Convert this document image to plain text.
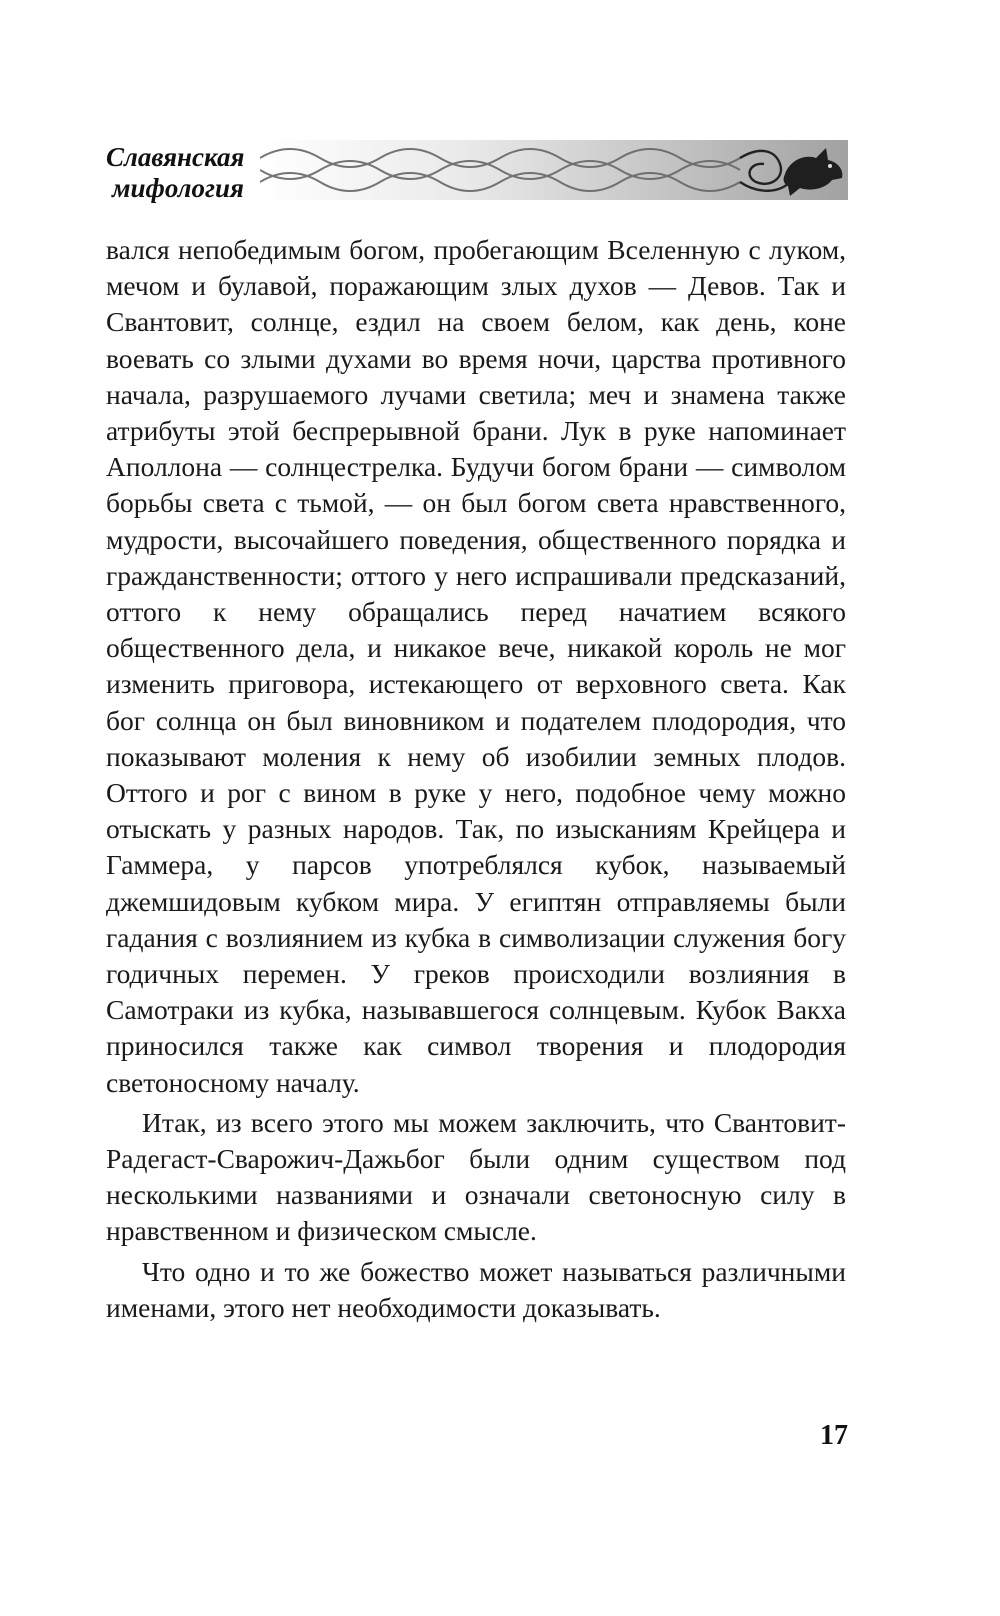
Славянская
мифология

вался непобедимым богом, пробегающим Вселенную с луком, мечом и булавой, поражающим злых духов — Девов. Так и Свантовит, солнце, ездил на своем белом, как день, коне воевать со злыми духами во время ночи, царства противного начала, разрушаемого лучами светила; меч и знамена также атрибуты этой беспрерывной брани. Лук в руке напоминает Аполлона — солнцестрелка. Будучи богом брани — символом борьбы света с тьмой, — он был богом света нравственного, мудрости, высочайшего поведения, общественного порядка и гражданственности; оттого у него испрашивали предсказаний, оттого к нему обращались перед начатием всякого общественного дела, и никакое вече, никакой король не мог изменить приговора, истекающего от верховного света. Как бог солнца он был виновником и подателем плодородия, что показывают моления к нему об изобилии земных плодов. Оттого и рог с вином в руке у него, подобное чему можно отыскать у разных народов. Так, по изысканиям Крейцера и Гаммера, у парсов употреблялся кубок, называемый джемшидовым кубком мира. У египтян отправляемы были гадания с возлиянием из кубка в символизации служения богу годичных перемен. У греков происходили возлияния в Самотраки из кубка, называвшегося солнцевым. Кубок Вакха приносился также как символ творения и плодородия светоносному началу.

Итак, из всего этого мы можем заключить, что Свантовит-Радегаст-Сварожич-Дажьбог были одним существом под несколькими названиями и означали светоносную силу в нравственном и физическом смысле.

Что одно и то же божество может называться различными именами, этого нет необходимости доказывать.

17
